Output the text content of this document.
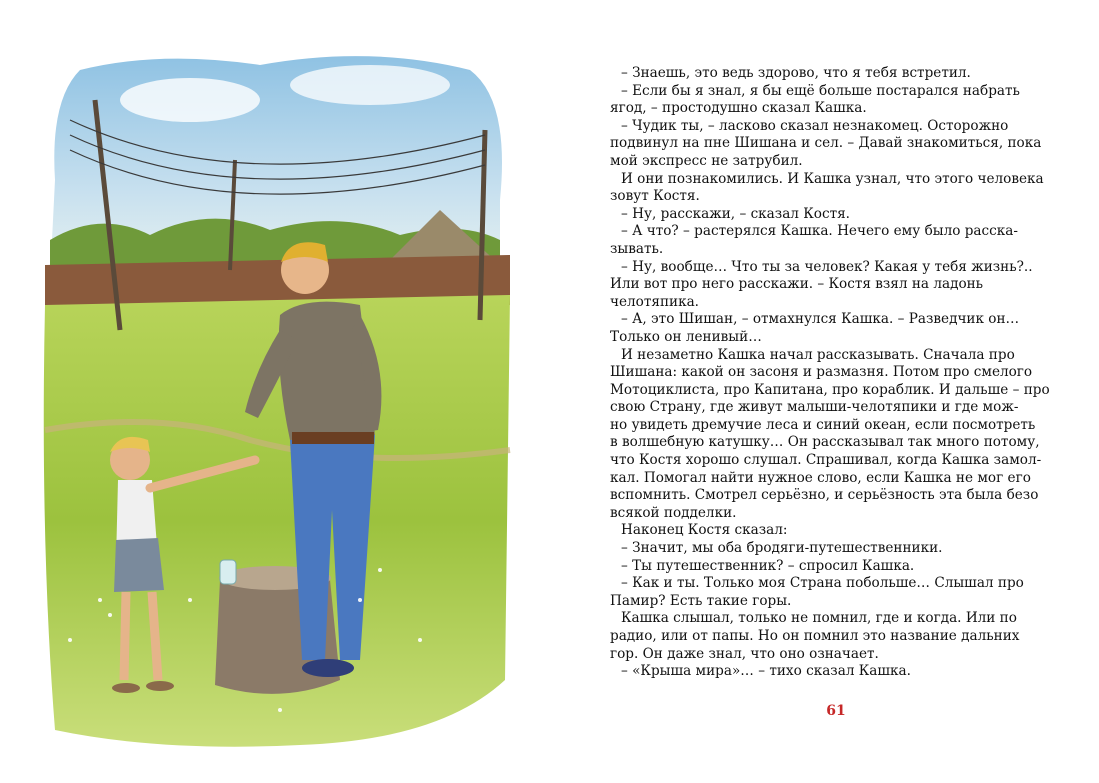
– Знаешь, это ведь здорово, что я тебя встретил.

– Если бы я знал, я бы ещё больше постарался набрать
ягод, – простодушно сказал Кашка.

– Чудик ты, – ласково сказал незнакомец. Осторожно
подвинул на пне Шишана и сел. – Давай знакомиться, пока
мой экспресс не затрубил.

И они познакомились. И Кашка узнал, что этого человека
зовут Костя.

– Ну, расскажи, – сказал Костя.

– А что? – растерялся Кашка. Нечего ему было расска-
зывать.

– Ну, вообще… Что ты за человек? Какая у тебя жизнь?..
Или вот про него расскажи. – Костя взял на ладонь
челотяпика.

– А, это Шишан, – отмахнулся Кашка. – Разведчик он…
Только он ленивый…

И незаметно Кашка начал рассказывать. Сначала про
Шишана: какой он засоня и размазня. Потом про смелого
Мотоциклиста, про Капитана, про кораблик. И дальше – про
свою Страну, где живут малыши-челотяпики и где мож-
но увидеть дремучие леса и синий океан, если посмотреть
в волшебную катушку… Он рассказывал так много потому,
что Костя хорошо слушал. Спрашивал, когда Кашка замол-
кал. Помогал найти нужное слово, если Кашка не мог его
вспомнить. Смотрел серьёзно, и серьёзность эта была безо
всякой подделки.

Наконец Костя сказал:

– Значит, мы оба бродяги-путешественники.

– Ты путешественник? – спросил Кашка.

– Как и ты. Только моя Страна побольше… Слышал про
Памир? Есть такие горы.

Кашка слышал, только не помнил, где и когда. Или по
радио, или от папы. Но он помнил это название дальних
гор. Он даже знал, что оно означает.

– «Крыша мира»… – тихо сказал Кашка.

61
